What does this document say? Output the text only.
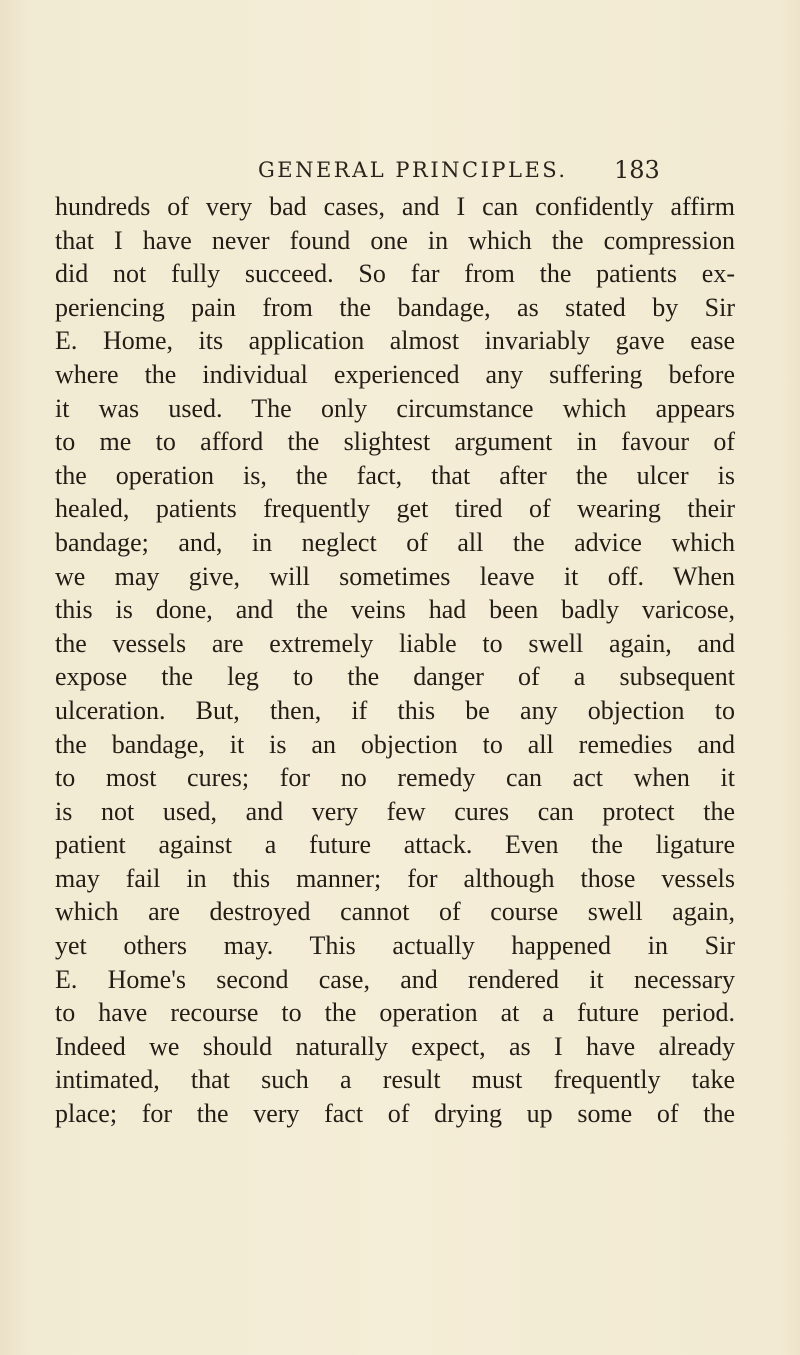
GENERAL PRINCIPLES. 183
hundreds of very bad cases, and I can confidently affirm
that I have never found one in which the compression
did not fully succeed. So far from the patients ex-
periencing pain from the bandage, as stated by Sir
E. Home, its application almost invariably gave ease
where the individual experienced any suffering before
it was used. The only circumstance which appears
to me to afford the slightest argument in favour of
the operation is, the fact, that after the ulcer is
healed, patients frequently get tired of wearing their
bandage; and, in neglect of all the advice which
we may give, will sometimes leave it off. When
this is done, and the veins had been badly varicose,
the vessels are extremely liable to swell again, and
expose the leg to the danger of a subsequent
ulceration. But, then, if this be any objection to
the bandage, it is an objection to all remedies and
to most cures; for no remedy can act when it
is not used, and very few cures can protect the
patient against a future attack. Even the ligature
may fail in this manner; for although those vessels
which are destroyed cannot of course swell again,
yet others may. This actually happened in Sir
E. Home's second case, and rendered it necessary
to have recourse to the operation at a future period.
Indeed we should naturally expect, as I have already
intimated, that such a result must frequently take
place; for the very fact of drying up some of the
